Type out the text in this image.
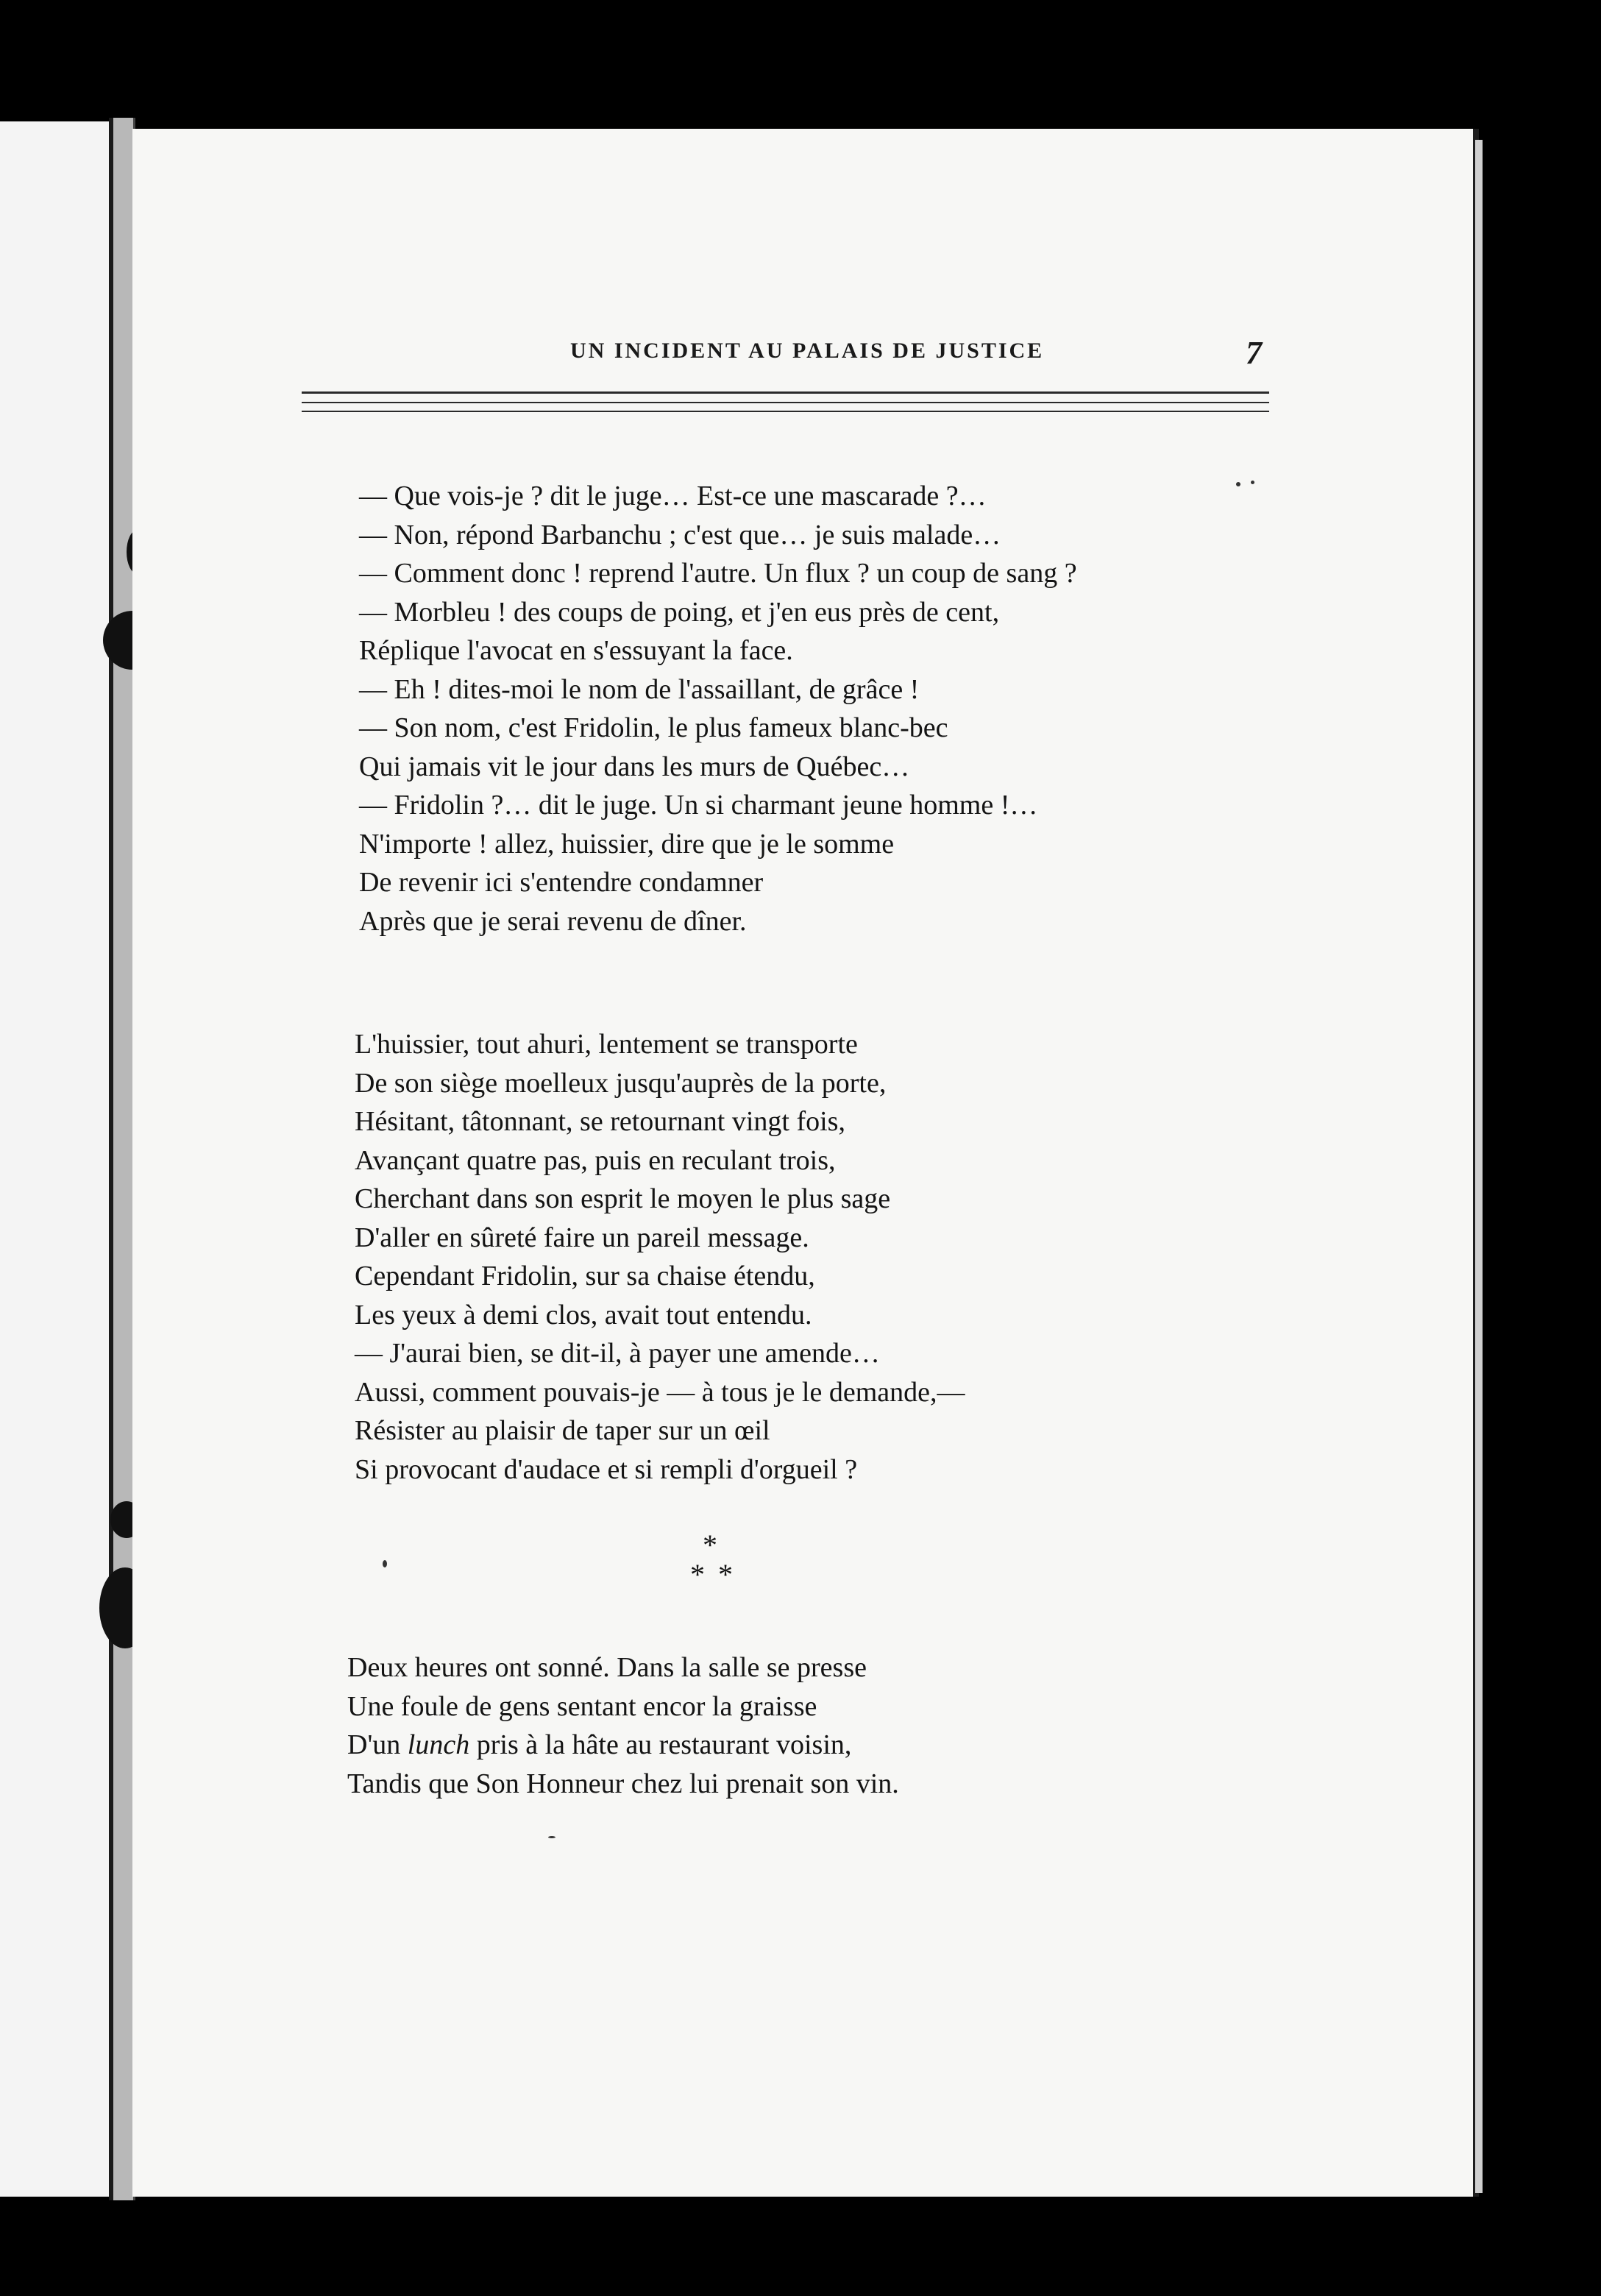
UN INCIDENT AU PALAIS DE JUSTICE	7
— Que vois-je ? dit le juge… Est-ce une mascarade ?…
— Non, répond Barbanchu ; c'est que… je suis malade…
— Comment donc ! reprend l'autre. Un flux ? un coup de sang ?
— Morbleu ! des coups de poing, et j'en eus près de cent,
Réplique l'avocat en s'essuyant la face.
— Eh ! dites-moi le nom de l'assaillant, de grâce !
— Son nom, c'est Fridolin, le plus fameux blanc-bec
Qui jamais vit le jour dans les murs de Québec…
— Fridolin ?… dit le juge. Un si charmant jeune homme !…
N'importe ! allez, huissier, dire que je le somme
De revenir ici s'entendre condamner
Après que je serai revenu de dîner.
L'huissier, tout ahuri, lentement se transporte
De son siège moelleux jusqu'auprès de la porte,
Hésitant, tâtonnant, se retournant vingt fois,
Avançant quatre pas, puis en reculant trois,
Cherchant dans son esprit le moyen le plus sage
D'aller en sûreté faire un pareil message.
Cependant Fridolin, sur sa chaise étendu,
Les yeux à demi clos, avait tout entendu.
— J'aurai bien, se dit-il, à payer une amende…
Aussi, comment pouvais-je — à tous je le demande,—
Résister au plaisir de taper sur un œil
Si provocant d'audace et si rempli d'orgueil ?
*
**
Deux heures ont sonné. Dans la salle se presse
Une foule de gens sentant encor la graisse
D'un lunch pris à la hâte au restaurant voisin,
Tandis que Son Honneur chez lui prenait son vin.
